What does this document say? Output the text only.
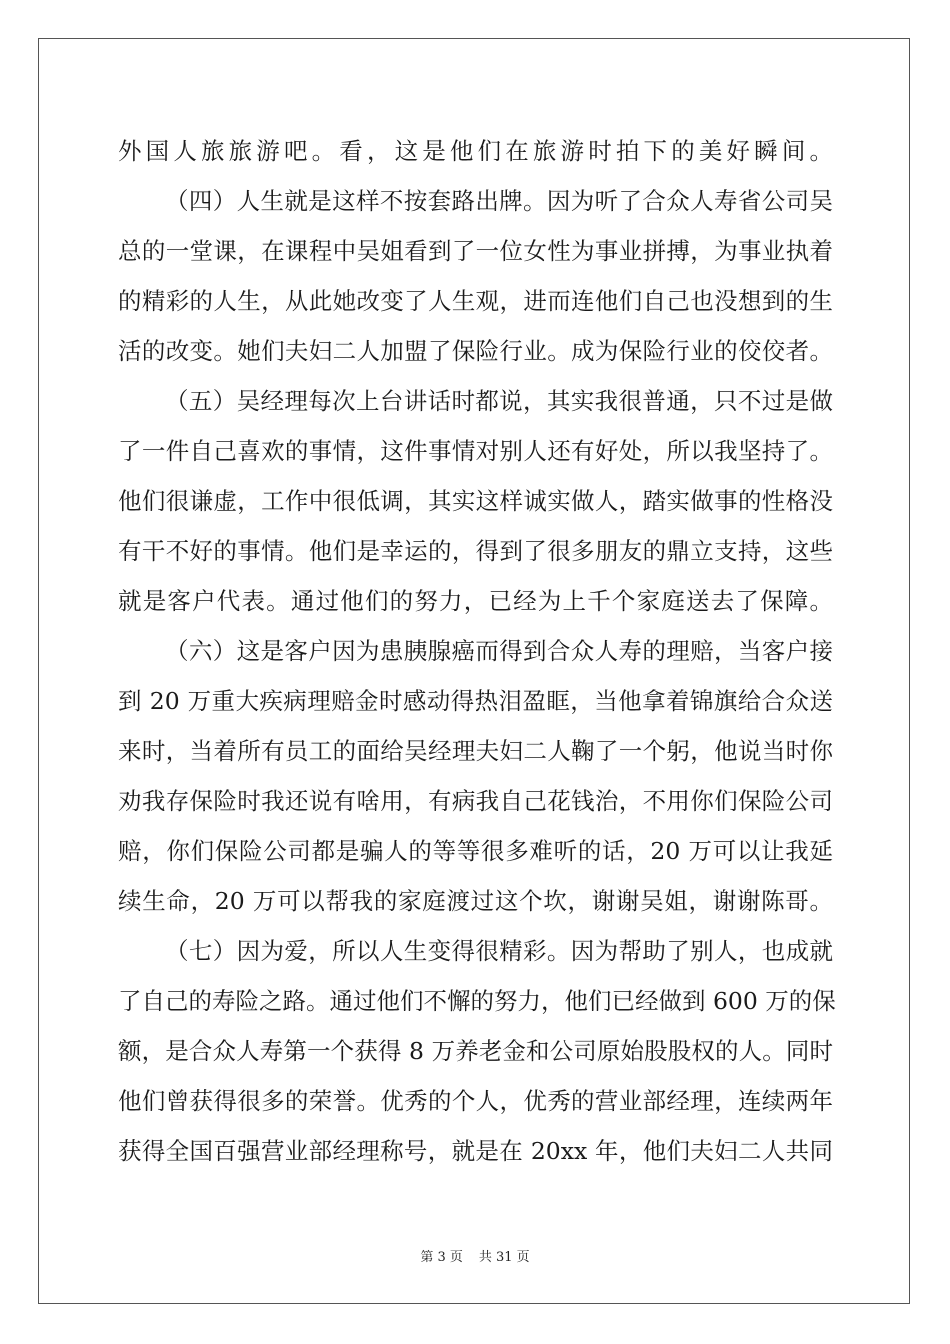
外国人旅旅游吧。看，这是他们在旅游时拍下的美好瞬间。
（四）人生就是这样不按套路出牌。因为听了合众人寿省公司吴
总的一堂课，在课程中吴姐看到了一位女性为事业拼搏，为事业执着
的精彩的人生，从此她改变了人生观，进而连他们自己也没想到的生
活的改变。她们夫妇二人加盟了保险行业。成为保险行业的佼佼者。
（五）吴经理每次上台讲话时都说，其实我很普通，只不过是做
了一件自己喜欢的事情，这件事情对别人还有好处，所以我坚持了。
他们很谦虚，工作中很低调，其实这样诚实做人，踏实做事的性格没
有干不好的事情。他们是幸运的，得到了很多朋友的鼎立支持，这些
就是客户代表。通过他们的努力，已经为上千个家庭送去了保障。
（六）这是客户因为患胰腺癌而得到合众人寿的理赔，当客户接
到 20 万重大疾病理赔金时感动得热泪盈眶，当他拿着锦旗给合众送
来时，当着所有员工的面给吴经理夫妇二人鞠了一个躬，他说当时你
劝我存保险时我还说有啥用，有病我自己花钱治，不用你们保险公司
赔，你们保险公司都是骗人的等等很多难听的话，20 万可以让我延
续生命，20 万可以帮我的家庭渡过这个坎，谢谢吴姐，谢谢陈哥。
（七）因为爱，所以人生变得很精彩。因为帮助了别人，也成就
了自己的寿险之路。通过他们不懈的努力，他们已经做到 600 万的保
额，是合众人寿第一个获得 8 万养老金和公司原始股股权的人。同时
他们曾获得很多的荣誉。优秀的个人，优秀的营业部经理，连续两年
获得全国百强营业部经理称号，就是在 20xx 年，他们夫妇二人共同
第 3 页 共 31 页
